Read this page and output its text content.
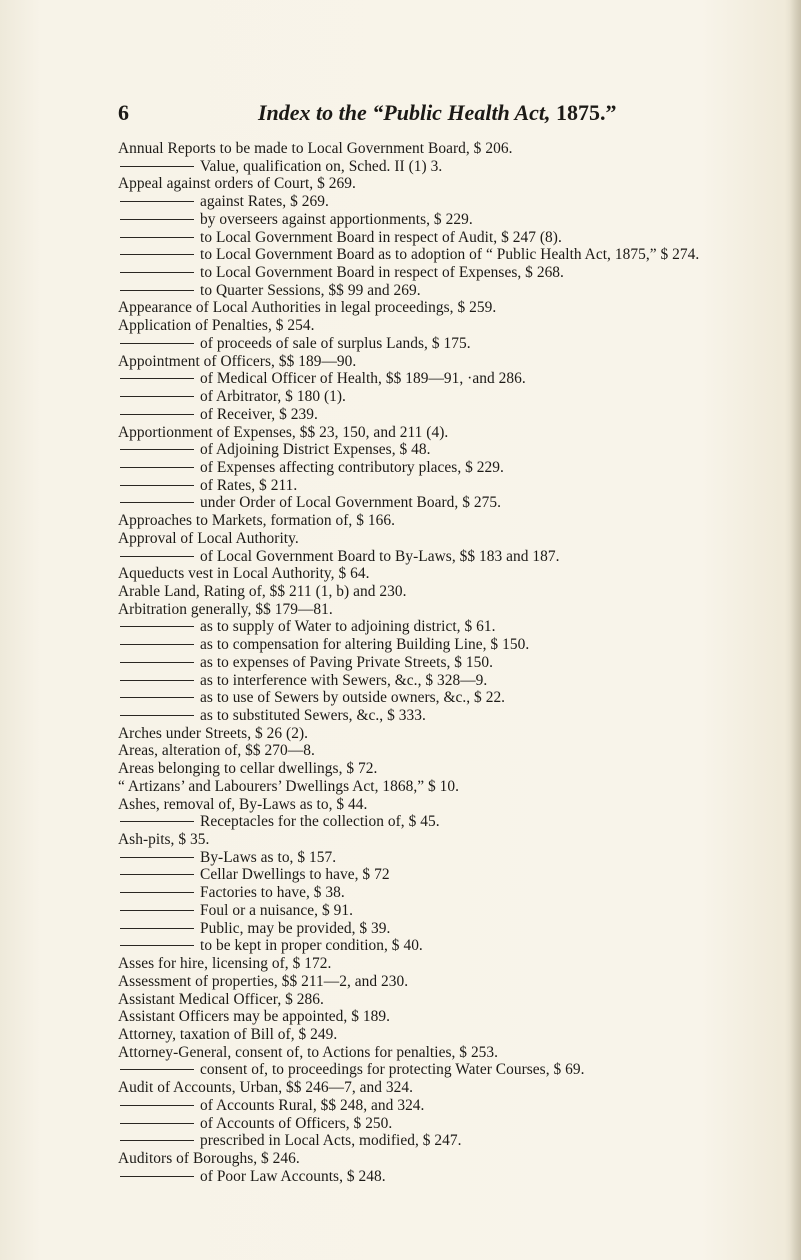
6	Index to the “Public Health Act, 1875.”
Annual Reports to be made to Local Government Board, $ 206.
Value, qualification on, Sched. II (1) 3.
Appeal against orders of Court, $ 269.
against Rates, $ 269.
by overseers against apportionments, $ 229.
to Local Government Board in respect of Audit, $ 247 (8).
to Local Government Board as to adoption of “ Public Health Act, 1875,” $ 274.
to Local Government Board in respect of Expenses, $ 268.
to Quarter Sessions, $$ 99 and 269.
Appearance of Local Authorities in legal proceedings, $ 259.
Application of Penalties, $ 254.
of proceeds of sale of surplus Lands, $ 175.
Appointment of Officers, $$ 189—90.
of Medical Officer of Health, $$ 189—91, ·and 286.
of Arbitrator, $ 180 (1).
of Receiver, $ 239.
Apportionment of Expenses, $$ 23, 150, and 211 (4).
of Adjoining District Expenses, $ 48.
of Expenses affecting contributory places, $ 229.
of Rates, $ 211.
under Order of Local Government Board, $ 275.
Approaches to Markets, formation of, $ 166.
Approval of Local Authority.
of Local Government Board to By-Laws, $$ 183 and 187.
Aqueducts vest in Local Authority, $ 64.
Arable Land, Rating of, $$ 211 (1, b) and 230.
Arbitration generally, $$ 179—81.
as to supply of Water to adjoining district, $ 61.
as to compensation for altering Building Line, $ 150.
as to expenses of Paving Private Streets, $ 150.
as to interference with Sewers, &c., $ 328—9.
as to use of Sewers by outside owners, &c., $ 22.
as to substituted Sewers, &c., $ 333.
Arches under Streets, $ 26 (2).
Areas, alteration of, $$ 270—8.
Areas belonging to cellar dwellings, $ 72.
“ Artizans’ and Labourers’ Dwellings Act, 1868,” $ 10.
Ashes, removal of, By-Laws as to, $ 44.
Receptacles for the collection of, $ 45.
Ash-pits, $ 35.
By-Laws as to, $ 157.
Cellar Dwellings to have, $ 72
Factories to have, $ 38.
Foul or a nuisance, $ 91.
Public, may be provided, $ 39.
to be kept in proper condition, $ 40.
Asses for hire, licensing of, $ 172.
Assessment of properties, $$ 211—2, and 230.
Assistant Medical Officer, $ 286.
Assistant Officers may be appointed, $ 189.
Attorney, taxation of Bill of, $ 249.
Attorney-General, consent of, to Actions for penalties, $ 253.
consent of, to proceedings for protecting Water Courses, $ 69.
Audit of Accounts, Urban, $$ 246—7, and 324.
of Accounts Rural, $$ 248, and 324.
of Accounts of Officers, $ 250.
prescribed in Local Acts, modified, $ 247.
Auditors of Boroughs, $ 246.
of Poor Law Accounts, $ 248.
